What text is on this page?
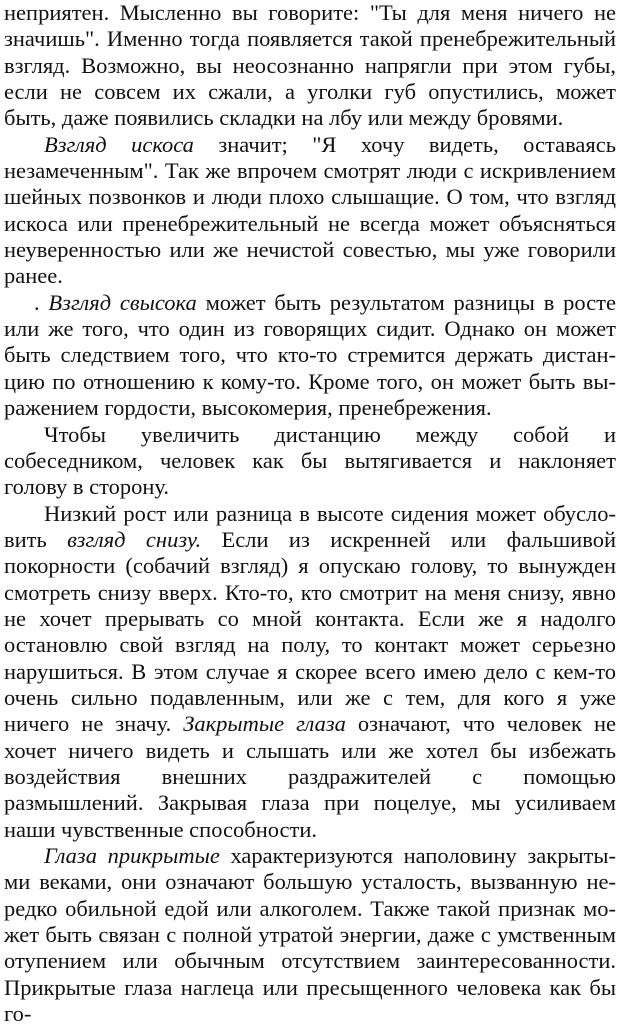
неприятен. Мысленно вы говорите: "Ты для меня ничего не
значишь". Именно тогда появляется такой пренебрежительный
взгляд. Возможно, вы неосознанно напрягли при этом губы,
если не совсем их сжали, а уголки губ опустились, может
быть, даже появились складки на лбу или между бровями.
Взгляд искоса значит; "Я хочу видеть, оставаясь
незамеченным". Так же впрочем смотрят люди с искривлением
шейных позвонков и люди плохо слышащие. О том, что взгляд
искоса или пренебрежительный не всегда может объясняться
неуверенностью или же нечистой совестью, мы уже говорили
ранее.
. Взгляд свысока может быть результатом разницы в росте
или же того, что один из говорящих сидит. Однако он может
быть следствием того, что кто-то стремится держать дистан-
цию по отношению к кому-то. Кроме того, он может быть вы-
ражением гордости, высокомерия, пренебрежения.
Чтобы увеличить дистанцию между собой и
собеседником, человек как бы вытягивается и наклоняет
голову в сторону.
Низкий рост или разница в высоте сидения может обусло-
вить взгляд снизу. Если из искренней или фальшивой
покорности (собачий взгляд) я опускаю голову, то вынужден
смотреть снизу вверх. Кто-то, кто смотрит на меня снизу, явно
не хочет прерывать со мной контакта. Если же я надолго
остановлю свой взгляд на полу, то контакт может серьезно
нарушиться. В этом случае я скорее всего имею дело с кем-то
очень сильно подавленным, или же с тем, для кого я уже
ничего не значу. Закрытые глаза означают, что человек не
хочет ничего видеть и слышать или же хотел бы избежать
воздействия внешних раздражителей с помощью
размышлений. Закрывая глаза при поцелуе, мы усиливаем
наши чувственные способности.
Глаза прикрытые характеризуются наполовину закрыты-
ми веками, они означают большую усталость, вызванную не-
редко обильной едой или алкоголем. Также такой признак мо-
жет быть связан с полной утратой энергии, даже с умственным
отупением или обычным отсутствием заинтересованности.
Прикрытые глаза наглеца или пресыщенного человека как бы
го-
